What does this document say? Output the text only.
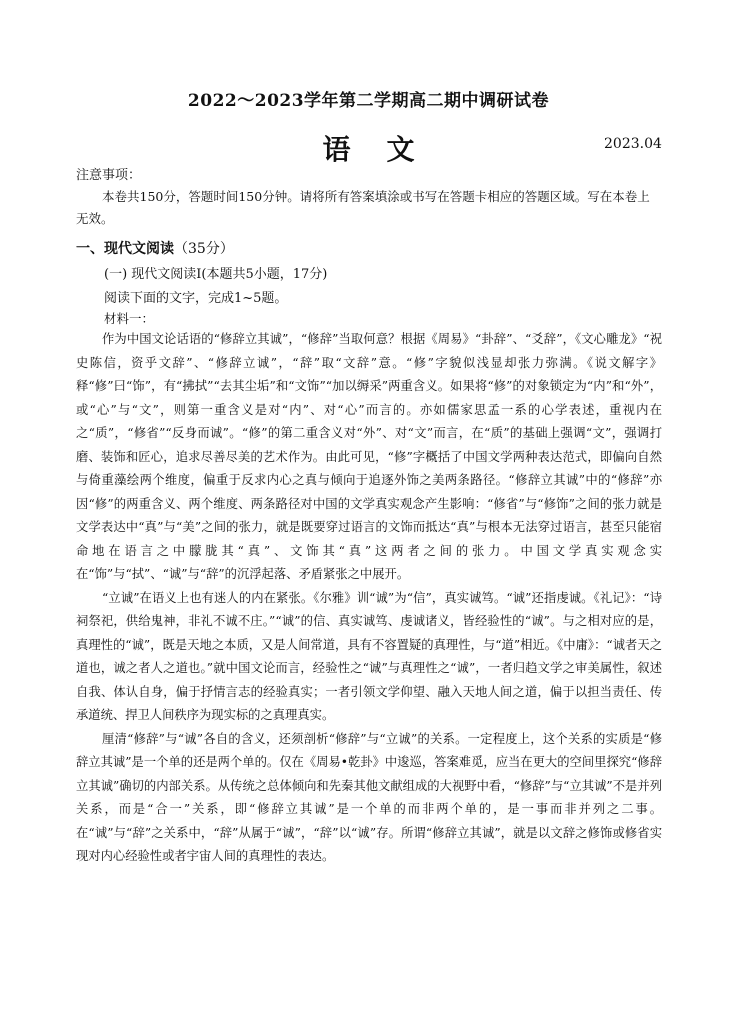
2022～2023学年第二学期高二期中调研试卷
语文	2023.04
注意事项：

本卷共150分，答题时间150分钟。请将所有答案填涂或书写在答题卡相应的答题区域。写在本卷上无效。

一、现代文阅读（35分）
(一) 现代文阅读Ⅰ(本题共5小题，17分)
阅读下面的文字，完成1~5题。
材料一：

作为中国文论话语的“修辞立其诚”，“修辞”当取何意？根据《周易》“卦辞”、“爻辞”，《文心雕龙》“祝史陈信，资乎文辞”、“修辞立诚”，“辞”取“文辞”意。“修”字貌似浅显却张力弥满。《说文解字》释“修”曰“饰”，有“拂拭”“去其尘垢”和“文饰”“加以缛采”两重含义。如果将“修”的对象锁定为“内”和“外”，或“心”与“文”，则第一重含义是对“内”、对“心”而言的。亦如儒家思孟一系的心学表述，重视内在之“质”，“修省”“反身而诚”。“修”的第二重含义对“外”、对“文”而言，在“质”的基础上强调“文”，强调打磨、装饰和匠心，追求尽善尽美的艺术作为。由此可见，“修”字概括了中国文学两种表达范式，即偏向自然与倚重藻绘两个维度，偏重于反求内心之真与倾向于追逐外饰之美两条路径。“修辞立其诚”中的“修辞”亦因“修”的两重含义、两个维度、两条路径对中国的文学真实观念产生影响：“修省”与“修饰”之间的张力就是文学表达中“真”与“美”之间的张力，就是既要穿过语言的文饰而抵达“真”与根本无法穿过语言，甚至只能宿命地在语言之中朦胧其“真”、文饰其“真”这两者之间的张力。中国文学真实观念实在“饰”与“拭”、“诚”与“辞”的沉浮起落、矛盾紧张之中展开。

“立诚”在语义上也有迷人的内在紧张。《尔雅》训“诚”为“信”，真实诚笃。“诚”还指虔诚。《礼记》：“诗祠祭祀，供给鬼神，非礼不诚不庄。”“诚”的信、真实诚笃、虔诚诸义，皆经验性的“诚”。与之相对应的是，真理性的“诚”，既是天地之本质，又是人间常道，具有不容置疑的真理性，与“道”相近。《中庸》：“诚者天之道也，诚之者人之道也。”就中国文论而言，经验性之“诚”与真理性之“诚”，一者归趋文学之审美属性，叙述自我、体认自身，偏于抒情言志的经验真实；一者引领文学仰望、融入天地人间之道，偏于以担当责任、传承道统、捍卫人间秩序为现实标的之真理真实。

厘清“修辞”与“诚”各自的含义，还须剖析“修辞”与“立诚”的关系。一定程度上，这个关系的实质是“修辞立其诚”是一个单的还是两个单的。仅在《周易•乾卦》中逡巡，答案难觅，应当在更大的空间里探究“修辞立其诚”确切的内部关系。从传统之总体倾向和先秦其他文献组成的大视野中看，“修辞”与“立其诚”不是并列关系，而是“合一”关系，即“修辞立其诚”是一个单的而非两个单的，是一事而非并列之二事。在“诚”与“辞”之关系中，“辞”从属于“诚”，“辞”以“诚”存。所谓“修辞立其诚”，就是以文辞之修饰或修省实现对内心经验性或者宇宙人间的真理性的表达。
